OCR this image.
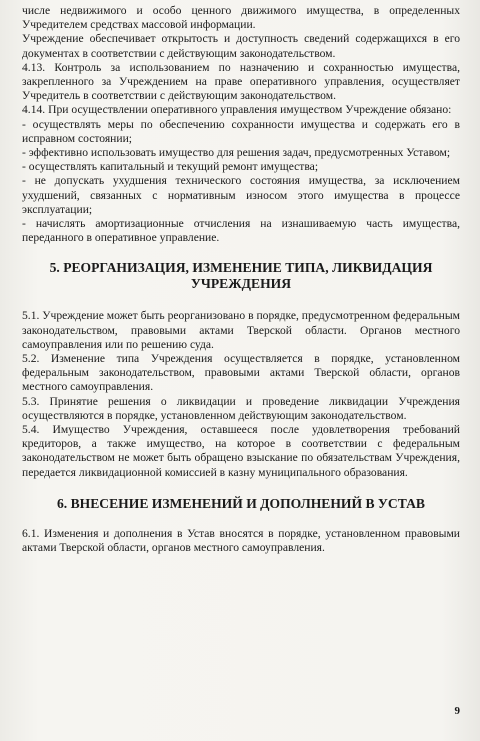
числе недвижимого и особо ценного движимого имущества, в определенных Учредителем средствах массовой информации.

Учреждение обеспечивает открытость и доступность сведений содержащихся в его документах в соответствии с действующим законодательством.

4.13. Контроль за использованием по назначению и сохранностью имущества, закрепленного за Учреждением на праве оперативного управления, осуществляет Учредитель в соответствии с действующим законодательством.

4.14. При осуществлении оперативного управления имуществом Учреждение обязано:

- осуществлять меры по обеспечению сохранности имущества и содержать его в исправном состоянии;

- эффективно использовать имущество для решения задач, предусмотренных Уставом;

- осуществлять капитальный и текущий ремонт имущества;

- не допускать ухудшения технического состояния имущества, за исключением ухудшений, связанных с нормативным износом этого имущества в процессе эксплуатации;

- начислять амортизационные отчисления на изнашиваемую часть имущества, переданного в оперативное управление.

5. РЕОРГАНИЗАЦИЯ, ИЗМЕНЕНИЕ ТИПА, ЛИКВИДАЦИЯ УЧРЕЖДЕНИЯ

5.1. Учреждение может быть реорганизовано в порядке, предусмотренном федеральным законодательством, правовыми актами Тверской области. Органов местного самоуправления или по решению суда.

5.2. Изменение типа Учреждения осуществляется в порядке, установленном федеральным законодательством, правовыми актами Тверской области, органов местного самоуправления.

5.3. Принятие решения о ликвидации и проведение ликвидации Учреждения осуществляются в порядке, установленном действующим законодательством.

5.4. Имущество Учреждения, оставшееся после удовлетворения требований кредиторов, а также имущество, на которое в соответствии с федеральным законодательством не может быть обращено взыскание по обязательствам Учреждения, передается ликвидационной комиссией в казну муниципального образования.

6. ВНЕСЕНИЕ ИЗМЕНЕНИЙ И ДОПОЛНЕНИЙ В УСТАВ

6.1. Изменения и дополнения в Устав вносятся в порядке, установленном правовыми актами Тверской области, органов местного самоуправления.

9
